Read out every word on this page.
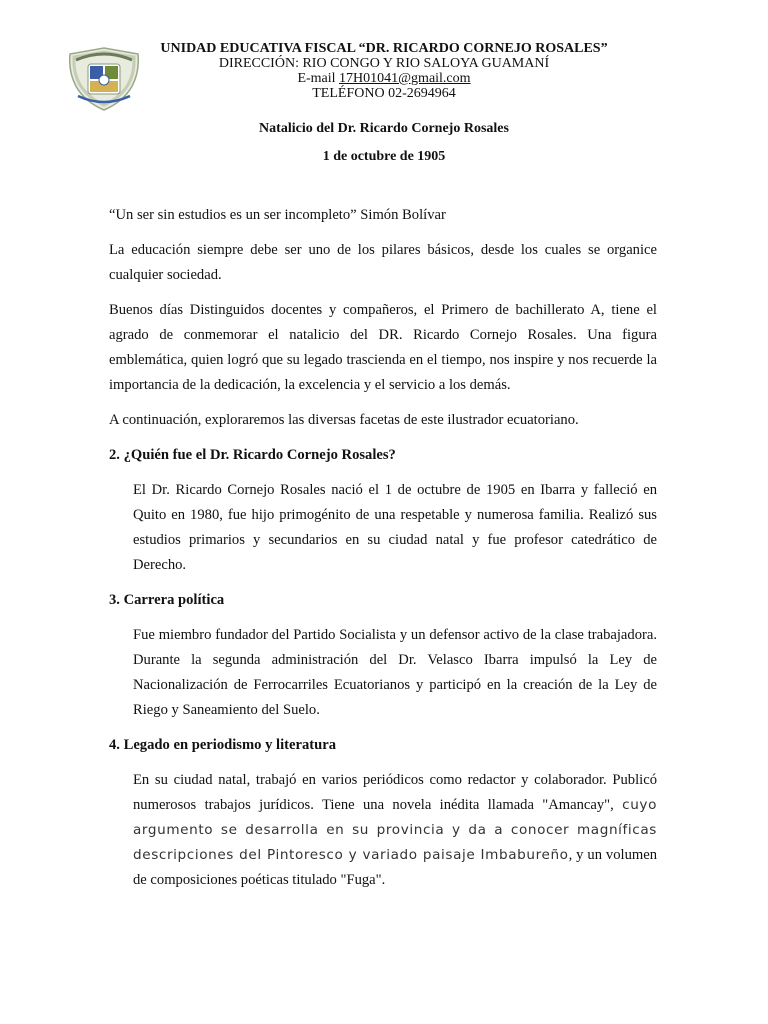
UNIDAD EDUCATIVA FISCAL “DR. RICARDO CORNEJO ROSALES”
DIRECCIÓN: RIO CONGO Y RIO SALOYA GUAMANÍ
E-mail 17H01041@gmail.com
TELÉFONO 02-2694964
Natalicio del Dr. Ricardo Cornejo Rosales
1 de octubre de 1905

“Un ser sin estudios es un ser incompleto” Simón Bolívar

La educación siempre debe ser uno de los pilares básicos, desde los cuales se organice cualquier sociedad.

Buenos días Distinguidos docentes y compañeros, el Primero de bachillerato A, tiene el agrado de conmemorar el natalicio del DR. Ricardo Cornejo Rosales. Una figura emblemática, quien logró que su legado trascienda en el tiempo, nos inspire y nos recuerde la importancia de la dedicación, la excelencia y el servicio a los demás.

A continuación, exploraremos las diversas facetas de este ilustrador ecuatoriano.

2. ¿Quién fue el Dr. Ricardo Cornejo Rosales?

El Dr. Ricardo Cornejo Rosales nació el 1 de octubre de 1905 en Ibarra y falleció en Quito en 1980, fue hijo primogénito de una respetable y numerosa familia. Realizó sus estudios primarios y secundarios en su ciudad natal y fue profesor catedrático de Derecho.

3. Carrera política

Fue miembro fundador del Partido Socialista y un defensor activo de la clase trabajadora. Durante la segunda administración del Dr. Velasco Ibarra impulsó la Ley de Nacionalización de Ferrocarriles Ecuatorianos y participó en la creación de la Ley de Riego y Saneamiento del Suelo.

4. Legado en periodismo y literatura

En su ciudad natal, trabajó en varios periódicos como redactor y colaborador. Publicó numerosos trabajos jurídicos. Tiene una novela inédita llamada "Amancay", cuyo argumento se desarrolla en su provincia y da a conocer magníficas descripciones del Pintoresco y variado paisaje Imbabureño, y un volumen de composiciones poéticas titulado "Fuga".
